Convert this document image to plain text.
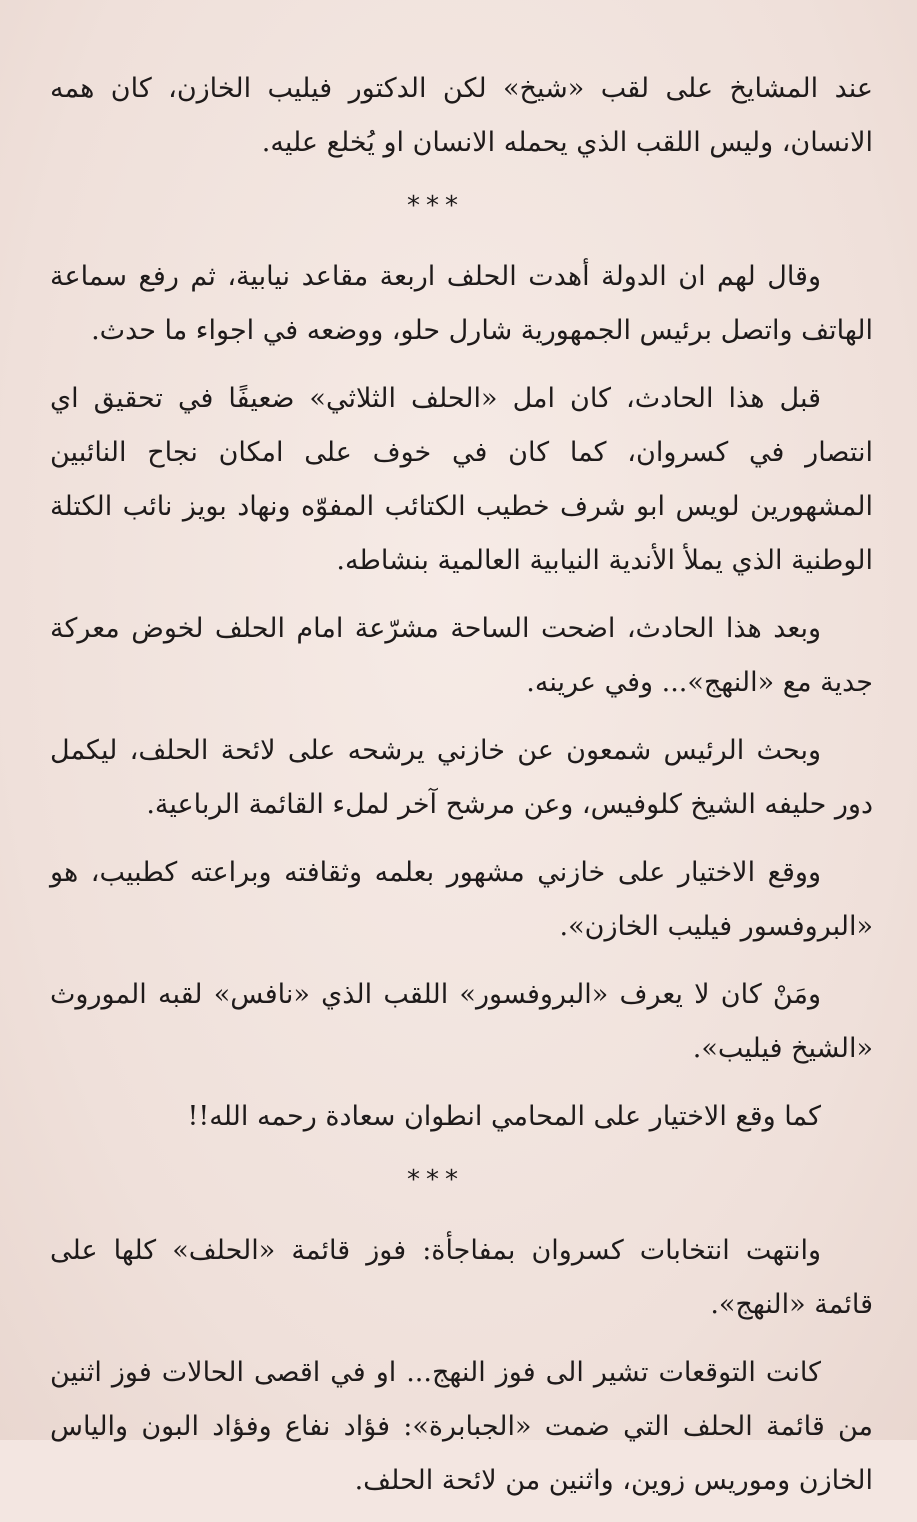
عند المشايخ على لقب «شيخ» لكن الدكتور فيليب الخازن، كان همه الانسان، وليس اللقب الذي يحمله الانسان او يُخلع عليه.

***

وقال لهم ان الدولة أهدت الحلف اربعة مقاعد نيابية، ثم رفع سماعة الهاتف واتصل برئيس الجمهورية شارل حلو، ووضعه في اجواء ما حدث.

قبل هذا الحادث، كان امل «الحلف الثلاثي» ضعيفًا في تحقيق اي انتصار في كسروان، كما كان في خوف على امكان نجاح النائبين المشهورين لويس ابو شرف خطيب الكتائب المفوّه ونهاد بويز نائب الكتلة الوطنية الذي يملأ الأندية النيابية العالمية بنشاطه.

وبعد هذا الحادث، اضحت الساحة مشرّعة امام الحلف لخوض معركة جدية مع «النهج»... وفي عرينه.

وبحث الرئيس شمعون عن خازني يرشحه على لائحة الحلف، ليكمل دور حليفه الشيخ كلوفيس، وعن مرشح آخر لملء القائمة الرباعية.

ووقع الاختيار على خازني مشهور بعلمه وثقافته وبراعته كطبيب، هو «البروفسور فيليب الخازن».

ومَنْ كان لا يعرف «البروفسور» اللقب الذي «نافس» لقبه الموروث «الشيخ فيليب».

كما وقع الاختيار على المحامي انطوان سعادة رحمه الله!!

***

وانتهت انتخابات كسروان بمفاجأة: فوز قائمة «الحلف» كلها على قائمة «النهج».

كانت التوقعات تشير الى فوز النهج... او في اقصى الحالات فوز اثنين من قائمة الحلف التي ضمت «الجبابرة»: فؤاد نفاع وفؤاد البون والياس الخازن وموريس زوين، واثنين من لائحة الحلف.
